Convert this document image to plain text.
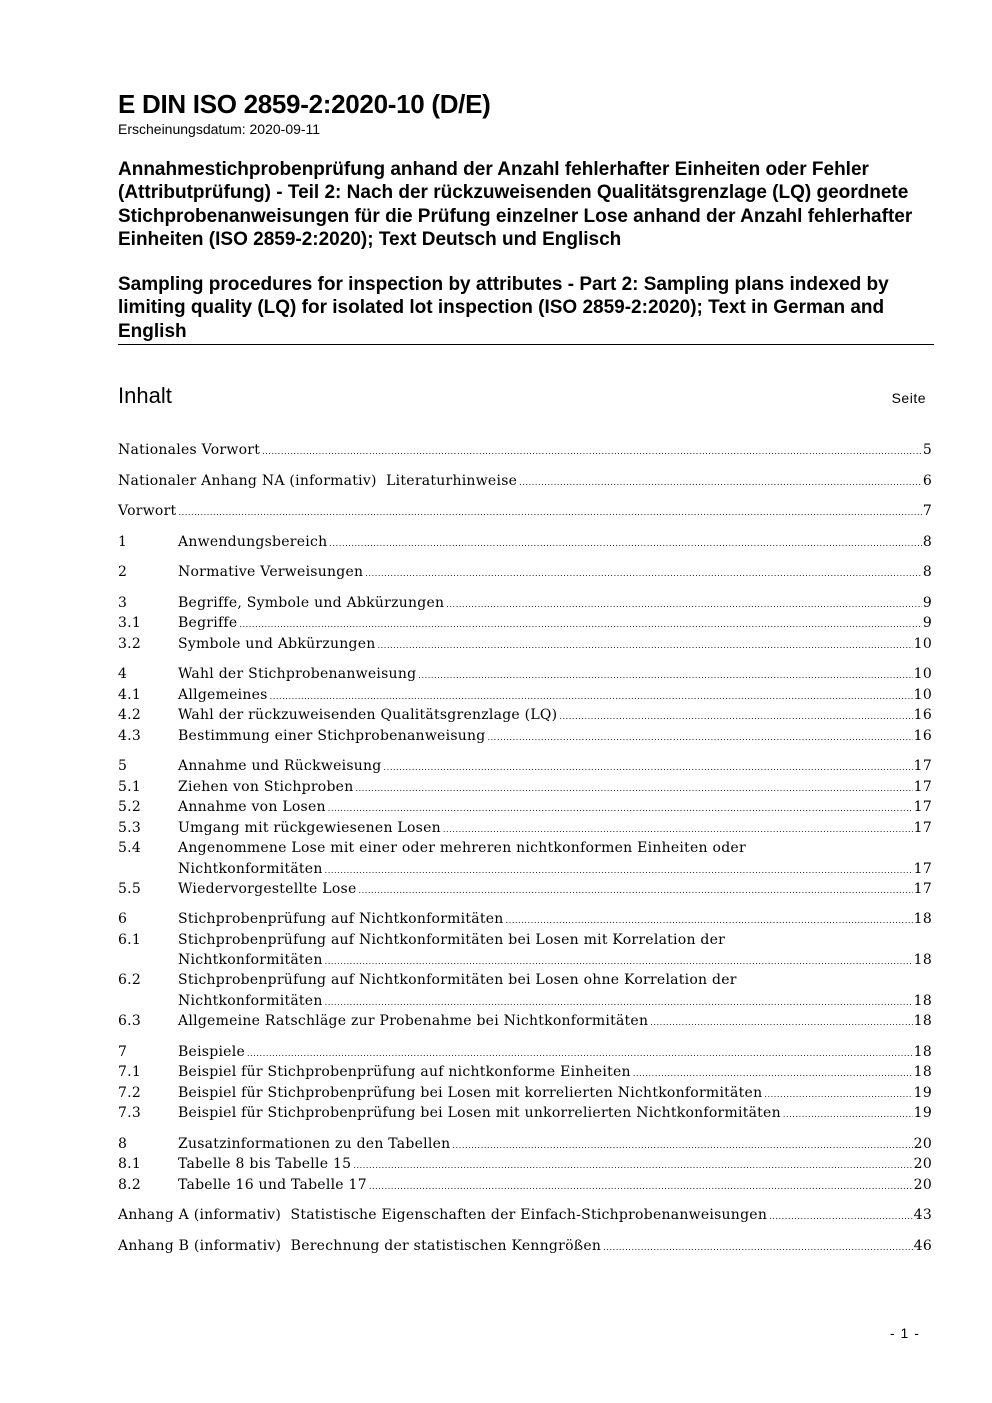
E DIN ISO 2859-2:2020-10 (D/E)
Erscheinungsdatum: 2020-09-11
Annahmestichprobenprüfung anhand der Anzahl fehlerhafter Einheiten oder Fehler (Attributprüfung) - Teil 2: Nach der rückzuweisenden Qualitätsgrenzlage (LQ) geordnete Stichprobenanweisungen für die Prüfung einzelner Lose anhand der Anzahl fehlerhafter Einheiten (ISO 2859-2:2020); Text Deutsch und Englisch
Sampling procedures for inspection by attributes - Part 2: Sampling plans indexed by limiting quality (LQ) for isolated lot inspection (ISO 2859-2:2020); Text in German and English
Inhalt	Seite
Nationales Vorwort .....	5
Nationaler Anhang NA (informativ)  Literaturhinweise .....	6
Vorwort .....	7
1	Anwendungsbereich .....	8
2	Normative Verweisungen .....	8
3	Begriffe, Symbole und Abkürzungen .....	9
3.1	Begriffe .....	9
3.2	Symbole und Abkürzungen .....	10
4	Wahl der Stichprobenanweisung .....	10
4.1	Allgemeines .....	10
4.2	Wahl der rückzuweisenden Qualitätsgrenzlage (LQ) .....	16
4.3	Bestimmung einer Stichprobenanweisung .....	16
5	Annahme und Rückweisung .....	17
5.1	Ziehen von Stichproben .....	17
5.2	Annahme von Losen .....	17
5.3	Umgang mit rückgewiesenen Losen .....	17
5.4	Angenommene Lose mit einer oder mehreren nichtkonformen Einheiten oder
Nichtkonformitäten .....	17
5.5	Wiedervorgestellte Lose .....	17
6	Stichprobenprüfung auf Nichtkonformitäten .....	18
6.1	Stichprobenprüfung auf Nichtkonformitäten bei Losen mit Korrelation der
Nichtkonformitäten .....	18
6.2	Stichprobenprüfung auf Nichtkonformitäten bei Losen ohne Korrelation der
Nichtkonformitäten .....	18
6.3	Allgemeine Ratschläge zur Probenahme bei Nichtkonformitäten .....	18
7	Beispiele .....	18
7.1	Beispiel für Stichprobenprüfung auf nichtkonforme Einheiten .....	18
7.2	Beispiel für Stichprobenprüfung bei Losen mit korrelierten Nichtkonformitäten .....	19
7.3	Beispiel für Stichprobenprüfung bei Losen mit unkorrelierten Nichtkonformitäten .....	19
8	Zusatzinformationen zu den Tabellen .....	20
8.1	Tabelle 8 bis Tabelle 15 .....	20
8.2	Tabelle 16 und Tabelle 17 .....	20
Anhang A (informativ)  Statistische Eigenschaften der Einfach-Stichprobenanweisungen .....	43
Anhang B (informativ)  Berechnung der statistischen Kenngrößen .....	46
- 1 -
